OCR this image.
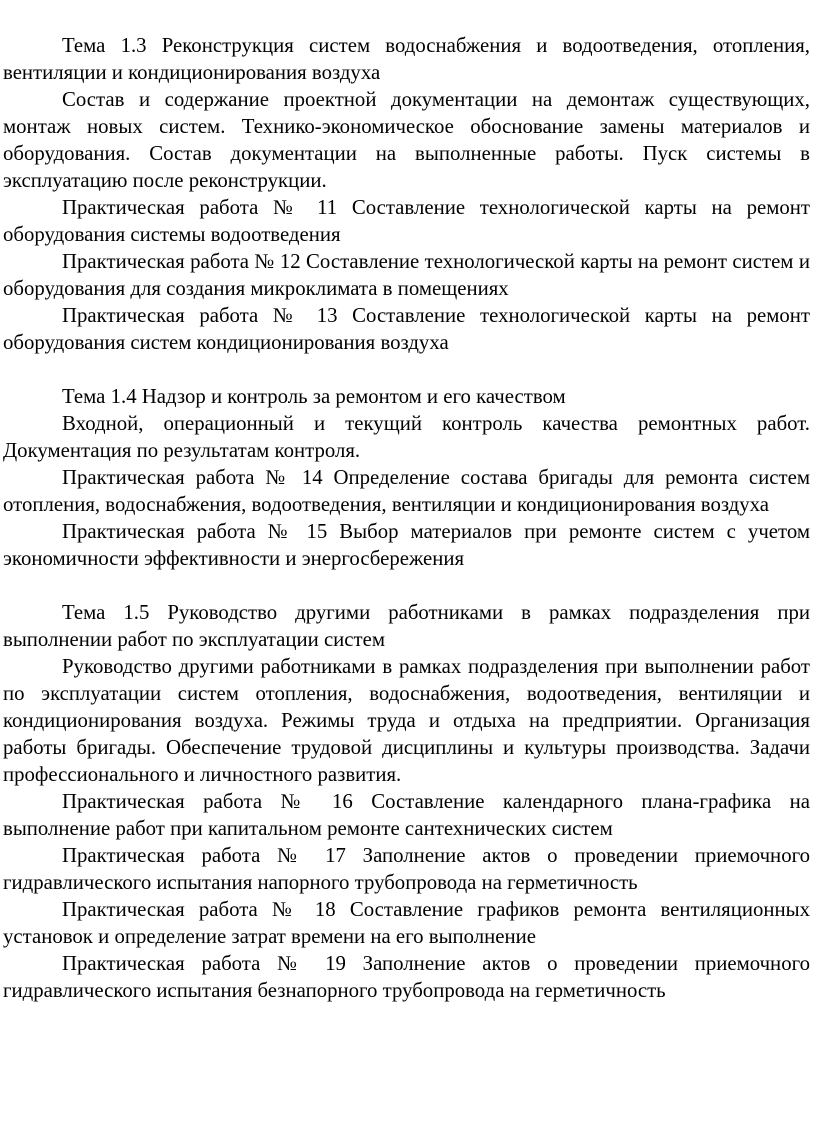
Тема 1.3 Реконструкция систем водоснабжения и водоотведения, отопления, вентиляции и кондиционирования воздуха

Состав и содержание проектной документации на демонтаж существующих, монтаж новых систем. Технико-экономическое обоснование замены материалов и оборудования. Состав документации на выполненные работы. Пуск системы в эксплуатацию после реконструкции.

Практическая работа № 11 Составление технологической карты на ремонт оборудования системы водоотведения

Практическая работа № 12 Составление технологической карты на ремонт систем и оборудования для создания микроклимата в помещениях

Практическая работа № 13 Составление технологической карты на ремонт оборудования систем кондиционирования воздуха

Тема 1.4 Надзор и контроль за ремонтом и его качеством

Входной, операционный и текущий контроль качества ремонтных работ. Документация по результатам контроля.

Практическая работа № 14 Определение состава бригады для ремонта систем отопления, водоснабжения, водоотведения, вентиляции и кондиционирования воздуха

Практическая работа № 15 Выбор материалов при ремонте систем с учетом экономичности эффективности и энергосбережения

Тема 1.5 Руководство другими работниками в рамках подразделения при выполнении работ по эксплуатации систем

Руководство другими работниками в рамках подразделения при выполнении работ по эксплуатации систем отопления, водоснабжения, водоотведения, вентиляции и кондиционирования воздуха. Режимы труда и отдыха на предприятии. Организация работы бригады. Обеспечение трудовой дисциплины и культуры производства. Задачи профессионального и личностного развития.

Практическая работа № 16 Составление календарного плана-графика на выполнение работ при капитальном ремонте сантехнических систем

Практическая работа № 17 Заполнение актов о проведении приемочного гидравлического испытания напорного трубопровода на герметичность

Практическая работа № 18 Составление графиков ремонта вентиляционных установок и определение затрат времени на его выполнение

Практическая работа № 19 Заполнение актов о проведении приемочного гидравлического испытания безнапорного трубопровода на герметичность
